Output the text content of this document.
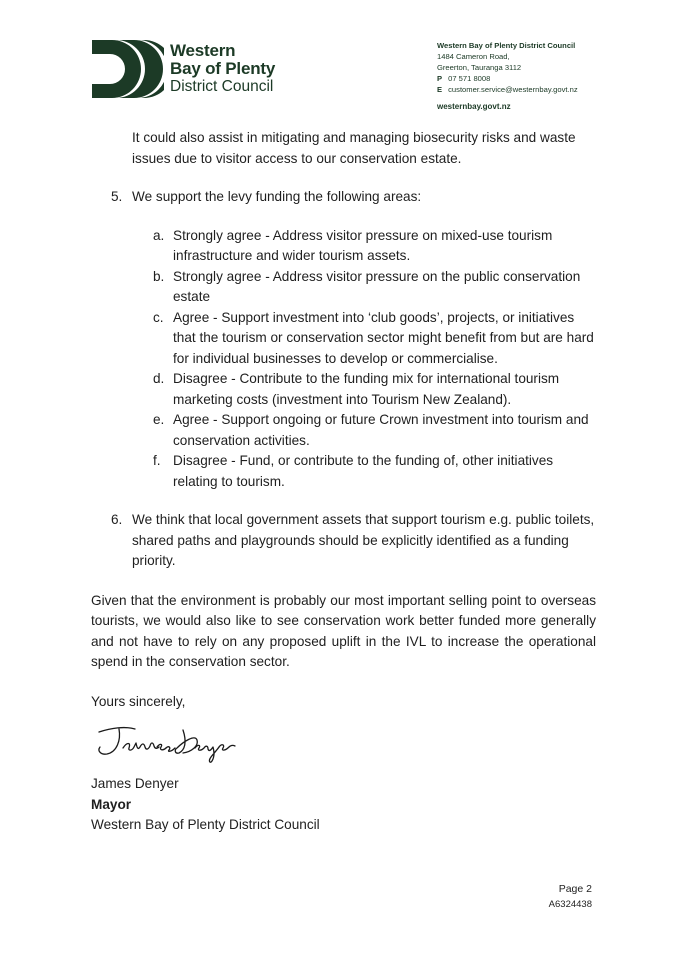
Western
Bay of Plenty
District Council
Western Bay of Plenty District Council
1484 Cameron Road,
Greerton, Tauranga 3112
P 07 571 8008
E customer.service@westernbay.govt.nz
westernbay.govt.nz

It could also assist in mitigating and managing biosecurity risks and waste issues due to visitor access to our conservation estate.

5. We support the levy funding the following areas:
a. Strongly agree - Address visitor pressure on mixed-use tourism infrastructure and wider tourism assets.
b. Strongly agree - Address visitor pressure on the public conservation estate
c. Agree - Support investment into ‘club goods’, projects, or initiatives that the tourism or conservation sector might benefit from but are hard for individual businesses to develop or commercialise.
d. Disagree - Contribute to the funding mix for international tourism marketing costs (investment into Tourism New Zealand).
e. Agree - Support ongoing or future Crown investment into tourism and conservation activities.
f. Disagree - Fund, or contribute to the funding of, other initiatives relating to tourism.
6. We think that local government assets that support tourism e.g. public toilets, shared paths and playgrounds should be explicitly identified as a funding priority.

Given that the environment is probably our most important selling point to overseas tourists, we would also like to see conservation work better funded more generally and not have to rely on any proposed uplift in the IVL to increase the operational spend in the conservation sector.

Yours sincerely,
James Denyer
Mayor
Western Bay of Plenty District Council
Page 2
A6324438
